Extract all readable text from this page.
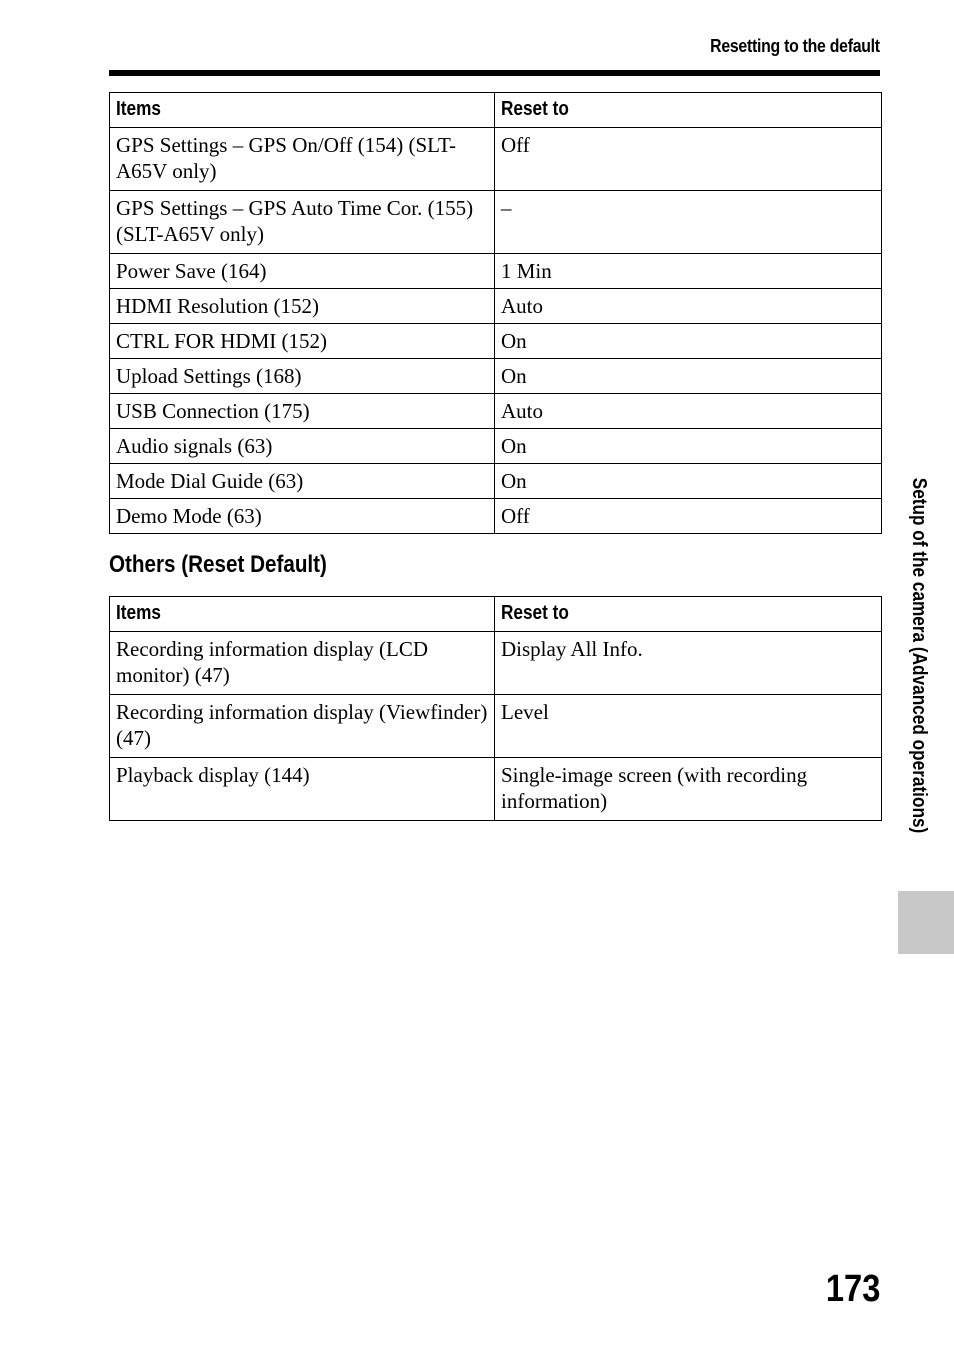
Resetting to the default
Items	Reset to
GPS Settings – GPS On/Off (154) (SLT-A65V only)	Off
GPS Settings – GPS Auto Time Cor. (155) (SLT-A65V only)	–
Power Save (164)	1 Min
HDMI Resolution (152)	Auto
CTRL FOR HDMI (152)	On
Upload Settings (168)	On
USB Connection (175)	Auto
Audio signals (63)	On
Mode Dial Guide (63)	On
Demo Mode (63)	Off
Others (Reset Default)
Items	Reset to
Recording information display (LCD monitor) (47)	Display All Info.
Recording information display (Viewfinder) (47)	Level
Playback display (144)	Single-image screen (with recording information)	Setup of the camera (Advanced operations)
173
